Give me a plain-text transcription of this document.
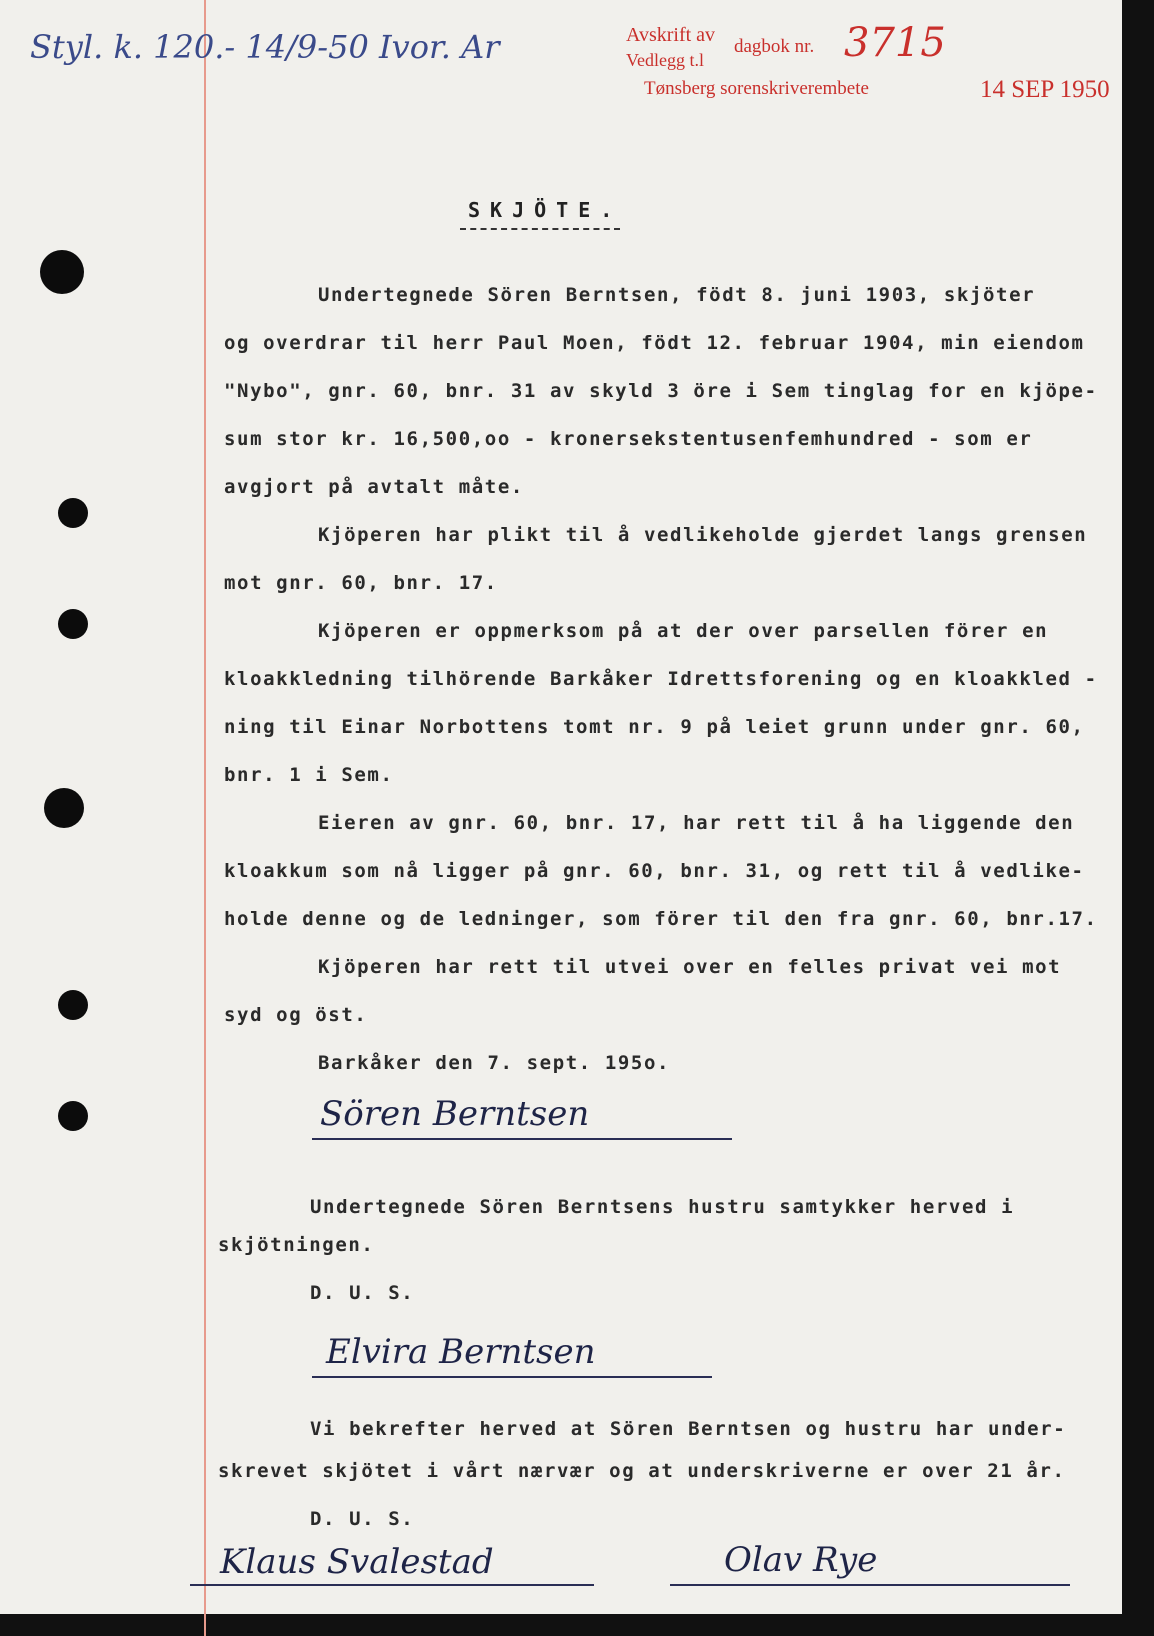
Styl. k. 120.- 14/9-50 Ivor. Ar	Avskrift av
dagbok nr.
Vedlegg t.l
Tønsberg sorenskriverembete
3715
14 SEP 1950
SKJÖTE.
Undertegnede Sören Berntsen, födt 8. juni 1903, skjöter
og overdrar til herr Paul Moen, födt 12. februar 1904, min eiendom
"Nybo", gnr. 60, bnr. 31 av skyld 3 öre i Sem tinglag for en kjöpe-
sum stor kr. 16,500,oo - kronersekstentusenfemhundred - som er
avgjort på avtalt måte.
Kjöperen har plikt til å vedlikeholde gjerdet langs grensen
mot gnr. 60, bnr. 17.
Kjöperen er oppmerksom på at der over parsellen förer en
kloakkledning tilhörende Barkåker Idrettsforening og en kloakkled -
ning til Einar Norbottens tomt nr. 9 på leiet grunn under gnr. 60,
bnr. 1 i Sem.
Eieren av gnr. 60, bnr. 17, har rett til å ha liggende den
kloakkum som nå ligger på gnr. 60, bnr. 31, og rett til å vedlike-
holde denne og de ledninger, som förer til den fra gnr. 60, bnr.17.
Kjöperen har rett til utvei over en felles privat vei mot
syd og öst.
Barkåker den 7. sept. 195o.
Sören Berntsen
Undertegnede Sören Berntsens hustru samtykker herved i
skjötningen.
D. U. S.
Elvira Berntsen
Vi bekrefter herved at Sören Berntsen og hustru har under-
skrevet skjötet i vårt nærvær og at underskriverne er over 21 år.
D. U. S.
Klaus Svalestad	Olav Rye
